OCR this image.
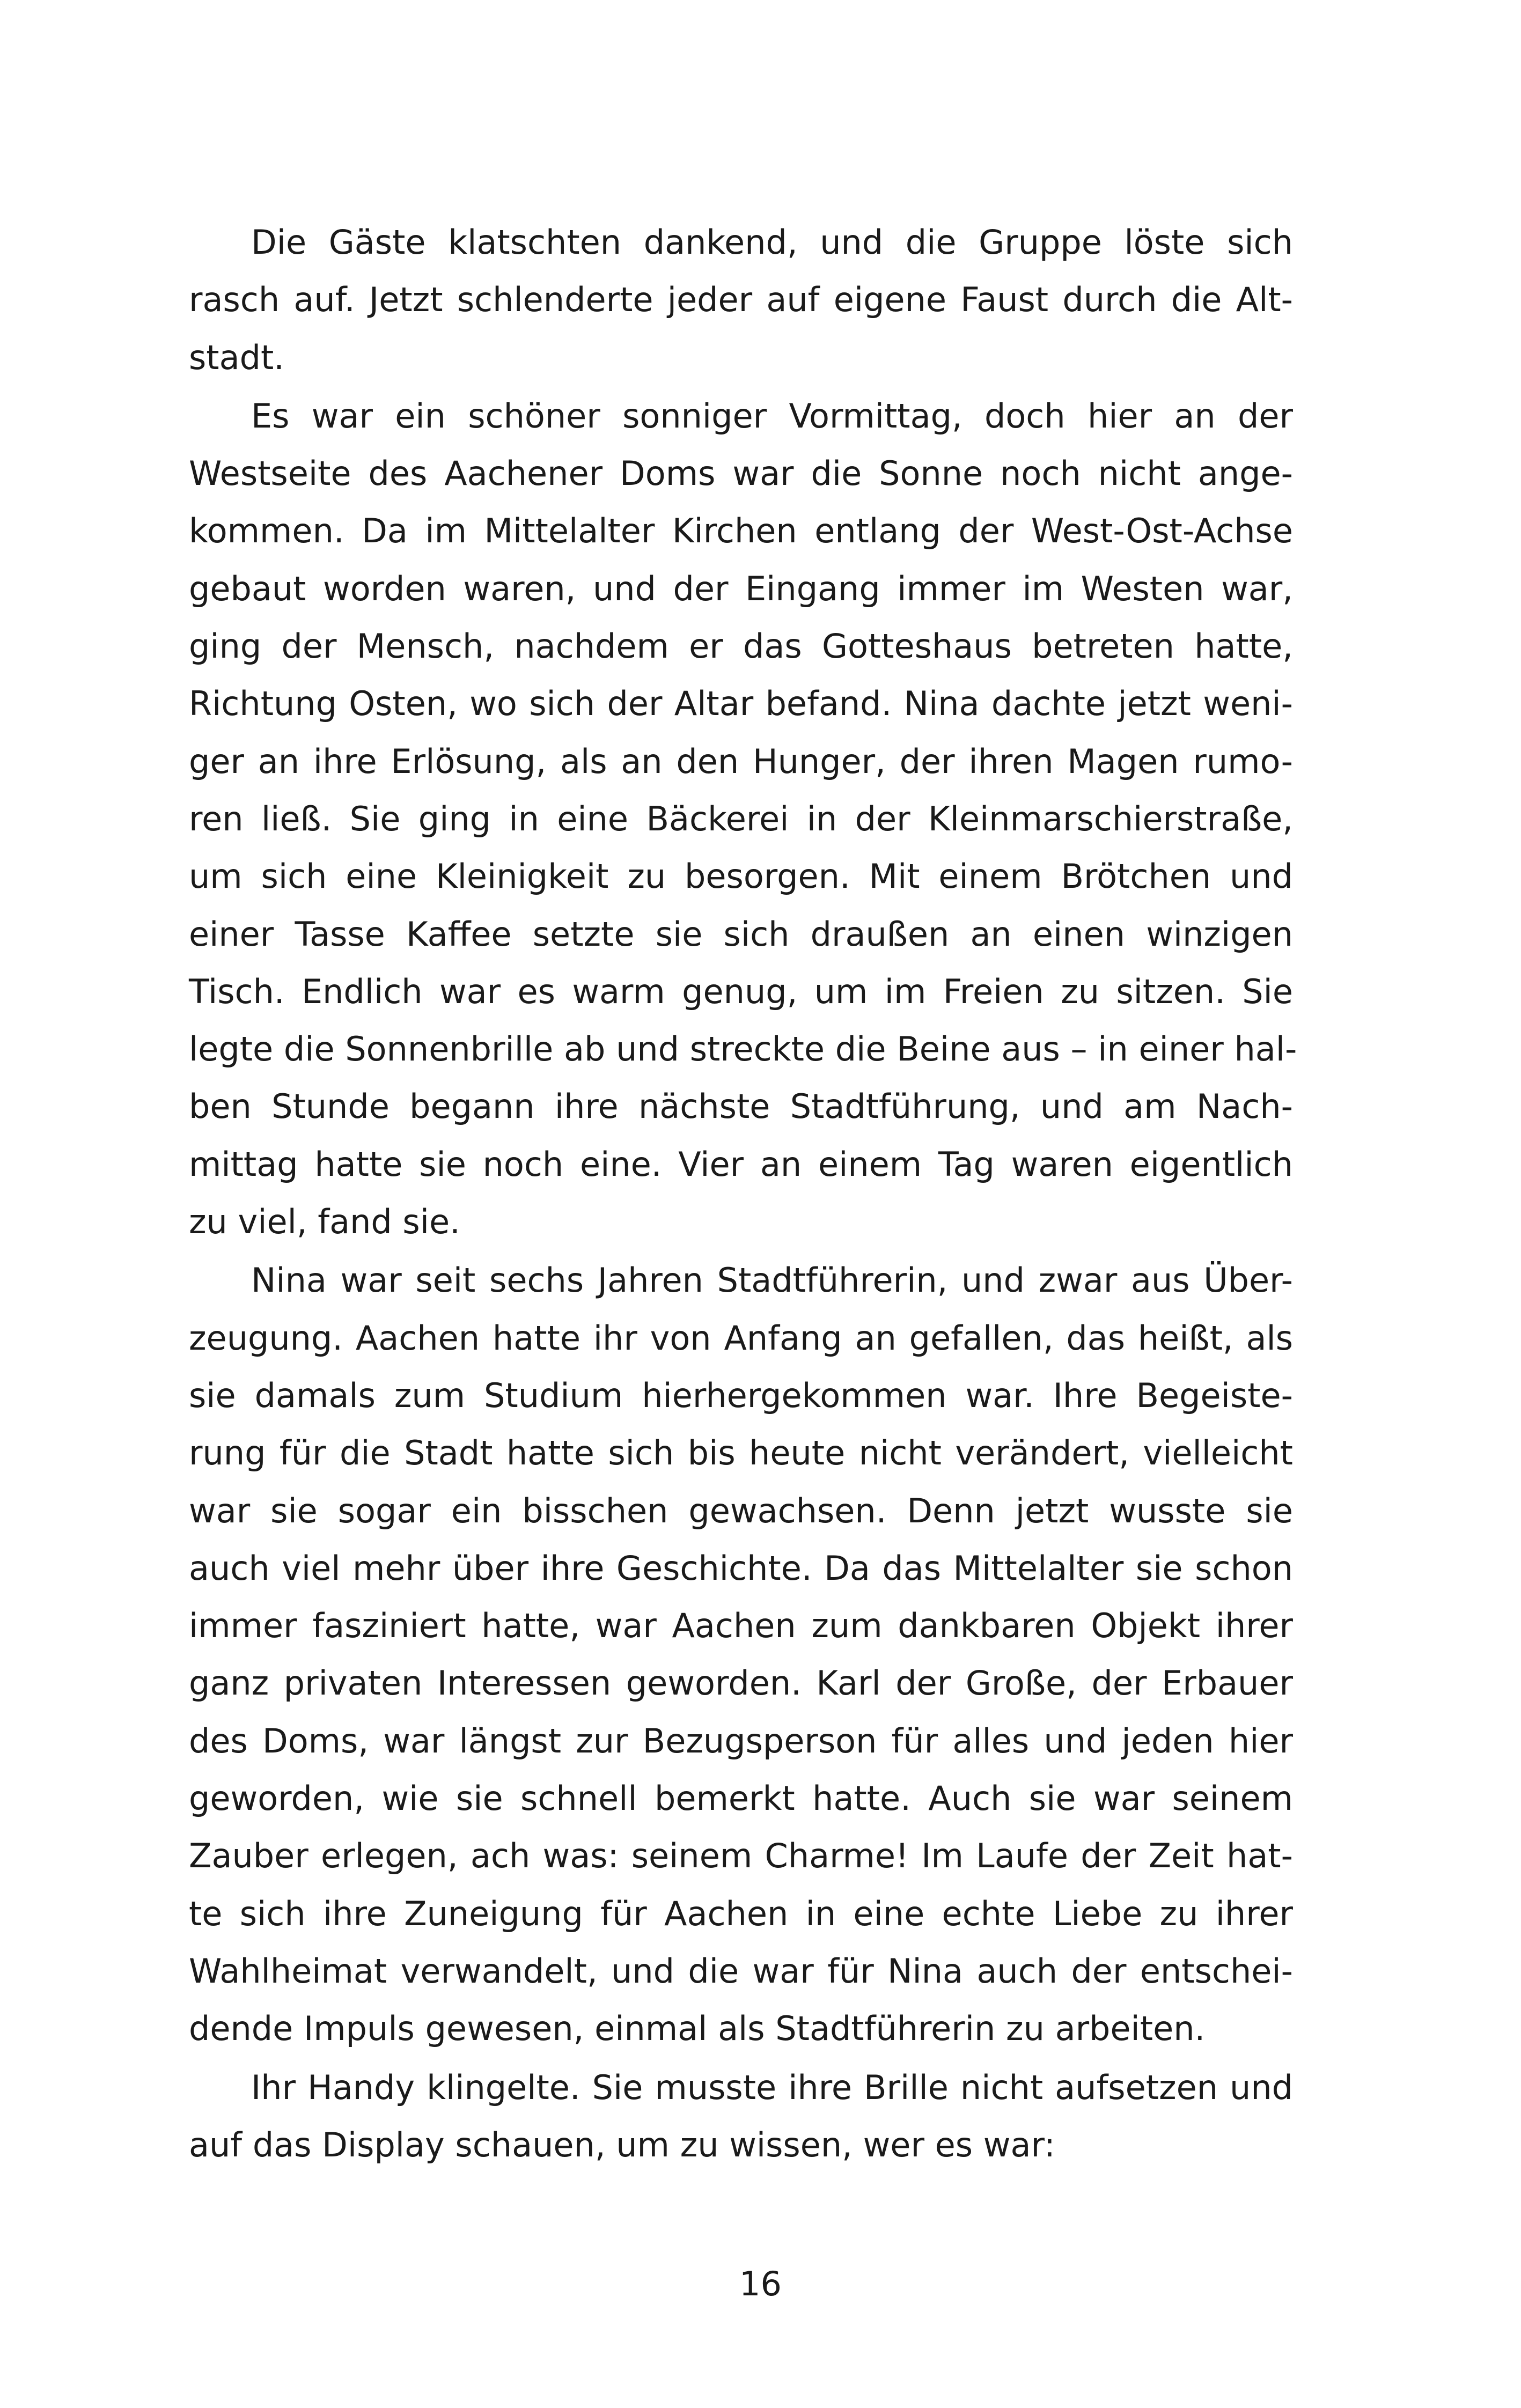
Die Gäste klatschten dankend, und die Gruppe löste sich
rasch auf. Jetzt schlenderte jeder auf eigene Faust durch die Alt-
stadt.
Es war ein schöner sonniger Vormittag, doch hier an der
Westseite des Aachener Doms war die Sonne noch nicht ange-
kommen. Da im Mittelalter Kirchen entlang der West-Ost-Achse
gebaut worden waren, und der Eingang immer im Westen war,
ging der Mensch, nachdem er das Gotteshaus betreten hatte,
Richtung Osten, wo sich der Altar befand. Nina dachte jetzt weni-
ger an ihre Erlösung, als an den Hunger, der ihren Magen rumo-
ren ließ. Sie ging in eine Bäckerei in der Kleinmarschierstraße,
um sich eine Kleinigkeit zu besorgen. Mit einem Brötchen und
einer Tasse Kaffee setzte sie sich draußen an einen winzigen
Tisch. Endlich war es warm genug, um im Freien zu sitzen. Sie
legte die Sonnenbrille ab und streckte die Beine aus – in einer hal-
ben Stunde begann ihre nächste Stadtführung, und am Nach-
mittag hatte sie noch eine. Vier an einem Tag waren eigentlich
zu viel, fand sie.
Nina war seit sechs Jahren Stadtführerin, und zwar aus Über-
zeugung. Aachen hatte ihr von Anfang an gefallen, das heißt, als
sie damals zum Studium hierhergekommen war. Ihre Begeiste-
rung für die Stadt hatte sich bis heute nicht verändert, vielleicht
war sie sogar ein bisschen gewachsen. Denn jetzt wusste sie
auch viel mehr über ihre Geschichte. Da das Mittelalter sie schon
immer fasziniert hatte, war Aachen zum dankbaren Objekt ihrer
ganz privaten Interessen geworden. Karl der Große, der Erbauer
des Doms, war längst zur Bezugsperson für alles und jeden hier
geworden, wie sie schnell bemerkt hatte. Auch sie war seinem
Zauber erlegen, ach was: seinem Charme! Im Laufe der Zeit hat-
te sich ihre Zuneigung für Aachen in eine echte Liebe zu ihrer
Wahlheimat verwandelt, und die war für Nina auch der entschei-
dende Impuls gewesen, einmal als Stadtführerin zu arbeiten.
Ihr Handy klingelte. Sie musste ihre Brille nicht aufsetzen und
auf das Display schauen, um zu wissen, wer es war:
16
